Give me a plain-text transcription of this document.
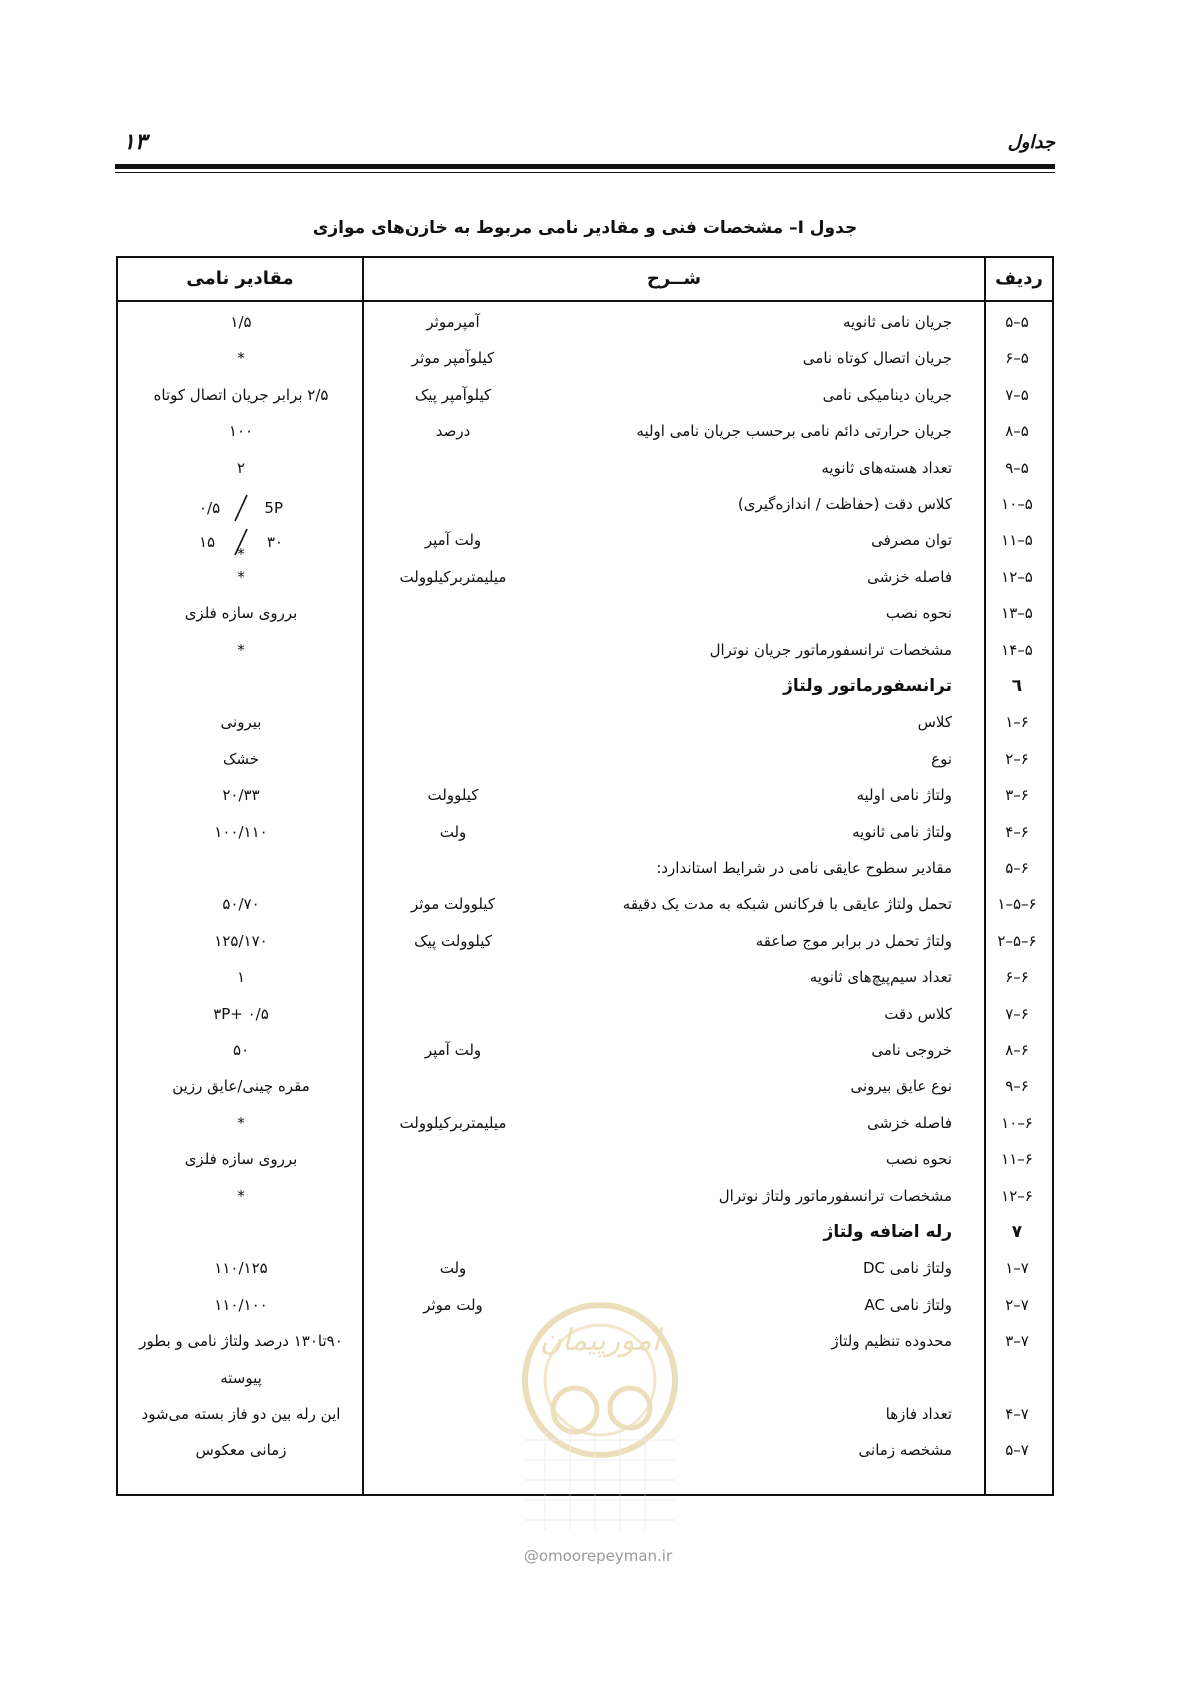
جداول
۱۳
جدول I– مشخصات فنی و مقادیر نامی مربوط به خازن‌های موازی
ردیف
شــرح
مقادیر نامی
۵–۵
جریان نامی ثانویه
آمپرموثر
۱/۵
۵–۶
جریان اتصال کوتاه نامی
کیلوآمپر موثر
*
۵–۷
جریان دینامیکی نامی
کیلوآمپر پیک
۲/۵ برابر جریان اتصال کوتاه
۵–۸
جریان حرارتی دائم نامی برحسب جریان نامی اولیه
درصد
۱۰۰
۵–۹
تعداد هسته‌های ثانویه
۲
۵–۱۰
کلاس دقت (حفاظت / اندازه‌گیری)
۵–۱۱
توان مصرفی
ولت آمپر
۵–۱۲
فاصله خزشی
میلیمتربرکیلوولت
*
۵–۱۳
نحوه نصب
برروی سازه فلزی
۵–۱۴
مشخصات ترانسفورماتور جریان نوترال
*
٦
ترانسفورماتور ولتاژ
۶–۱
کلاس
بیرونی
۶–۲
نوع
خشک
۶–۳
ولتاژ نامی اولیه
کیلوولت
۲۰/۳۳
۶–۴
ولتاژ نامی ثانویه
ولت
۱۰۰/۱۱۰
۶–۵
مقادیر سطوح عایقی نامی در شرایط استاندارد:
۶–۵–۱
تحمل ولتاژ عایقی با فرکانس شبکه به مدت یک دقیقه
کیلوولت موثر
۵۰/۷۰
۶–۵–۲
ولتاژ تحمل در برابر موج صاعقه
کیلوولت پیک
۱۲۵/۱۷۰
۶–۶
تعداد سیم‌پیچ‌های ثانویه
۱
۶–۷
کلاس دقت
۳P+ ۰/۵
۶–۸
خروجی نامی
ولت آمپر
۵۰
۶–۹
نوع عایق بیرونی
مقره چینی/عایق رزین
۶–۱۰
فاصله خزشی
میلیمتربرکیلوولت
*
۶–۱۱
نحوه نصب
برروی سازه فلزی
۶–۱۲
مشخصات ترانسفورماتور ولتاژ نوترال
*
۷
رله اضافه ولتاژ
۷–۱
ولتاژ نامی DC
ولت
۱۱۰/۱۲۵
۷–۲
ولتاژ نامی AC
ولت موثر
۱۱۰/۱۰۰
۷–۳
محدوده تنظیم ولتاژ
۹۰تا۱۳۰ درصد ولتاژ نامی و بطور
پیوسته
۷–۴
تعداد فازها
این رله بین دو فاز بسته می‌شود
۷–۵
مشخصه زمانی
زمانی معکوس
*
5P
۰/۵
۳۰
۱۵
امورپیمان
@omoorepeyman.ir
